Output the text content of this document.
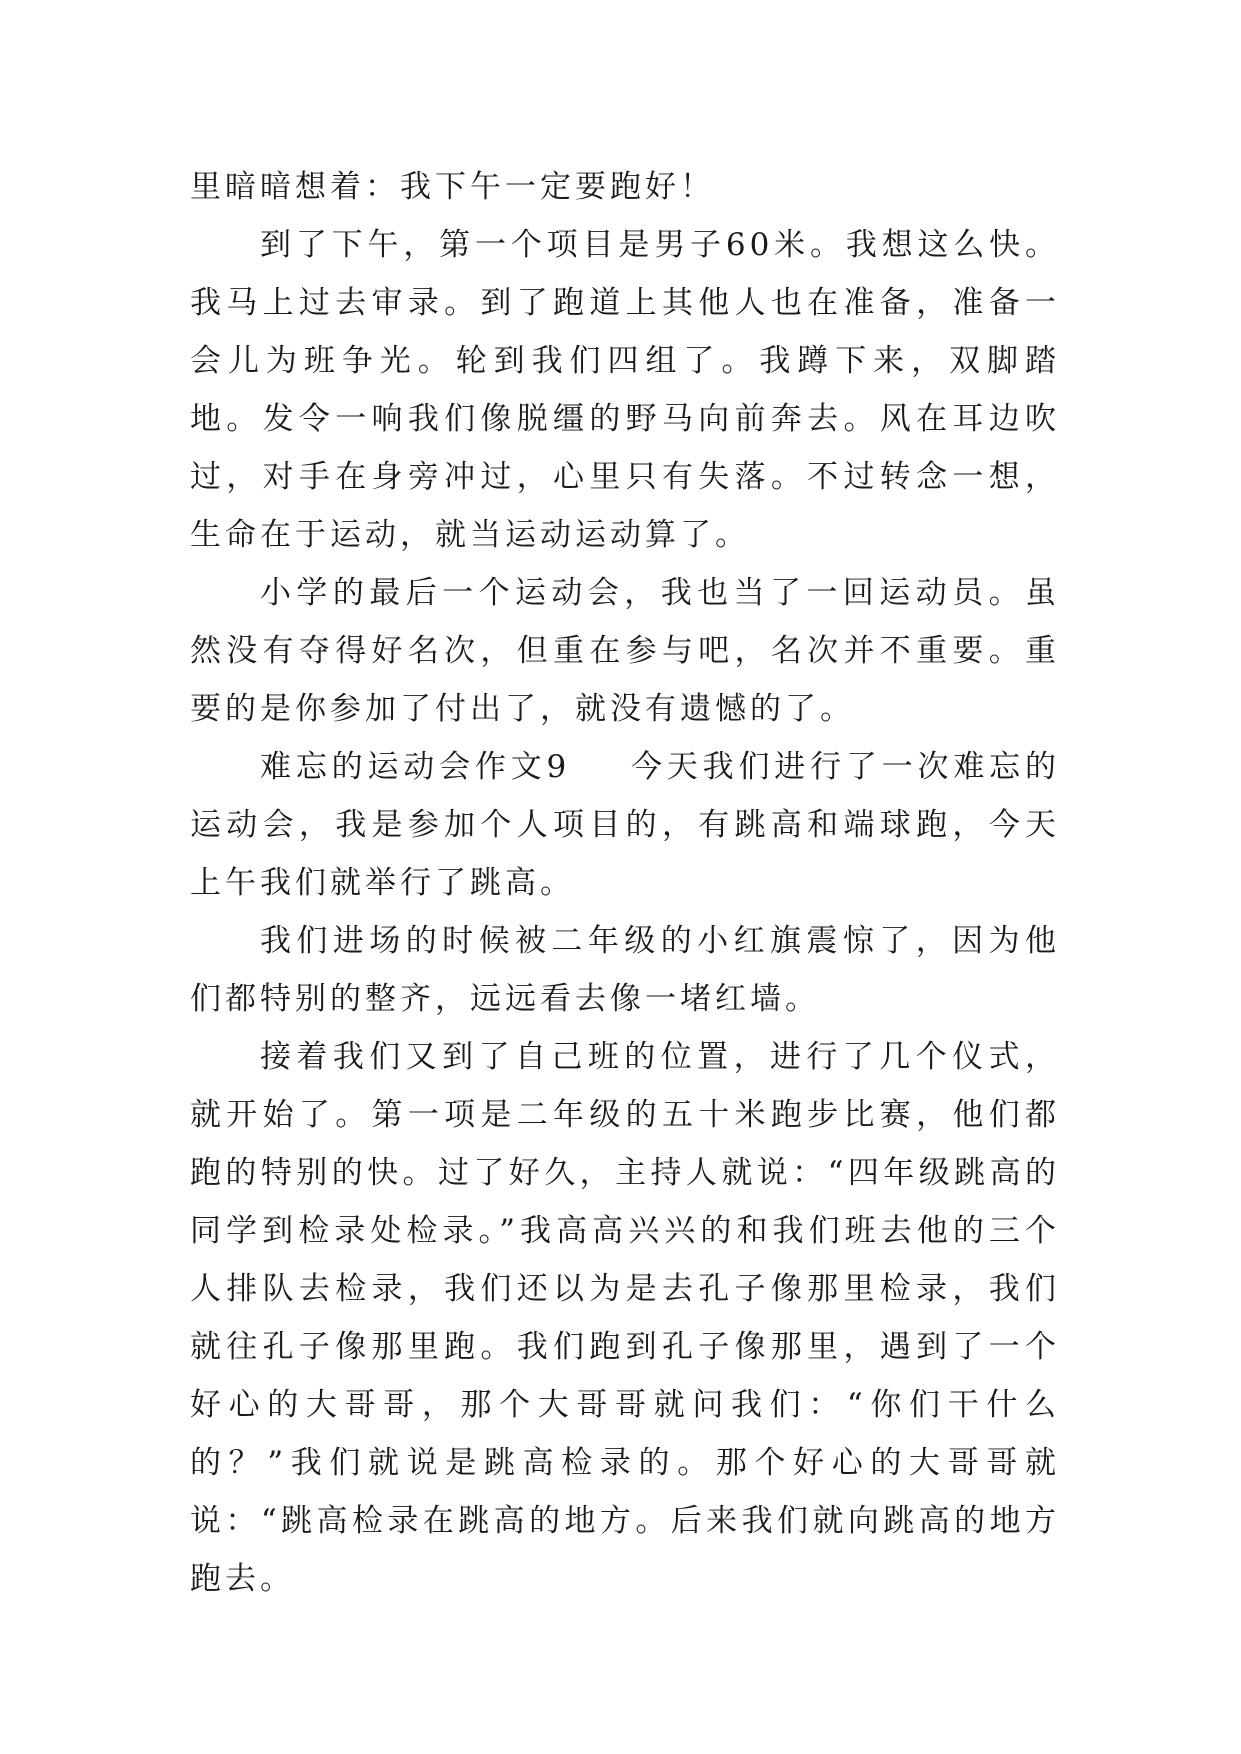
里暗暗想着：我下午一定要跑好！

到了下午，第一个项目是男子60米。我想这么快。我马上过去审录。到了跑道上其他人也在准备，准备一会儿为班争光。轮到我们四组了。我蹲下来，双脚踏地。发令一响我们像脱缰的野马向前奔去。风在耳边吹过，对手在身旁冲过，心里只有失落。不过转念一想，生命在于运动，就当运动运动算了。

小学的最后一个运动会，我也当了一回运动员。虽然没有夺得好名次，但重在参与吧，名次并不重要。重要的是你参加了付出了，就没有遗憾的了。

难忘的运动会作文9 今天我们进行了一次难忘的运动会，我是参加个人项目的，有跳高和端球跑，今天上午我们就举行了跳高。

我们进场的时候被二年级的小红旗震惊了，因为他们都特别的整齐，远远看去像一堵红墙。

接着我们又到了自己班的位置，进行了几个仪式，就开始了。第一项是二年级的五十米跑步比赛，他们都跑的特别的快。过了好久，主持人就说：“四年级跳高的同学到检录处检录。”我高高兴兴的和我们班去他的三个人排队去检录，我们还以为是去孔子像那里检录，我们就往孔子像那里跑。我们跑到孔子像那里，遇到了一个好心的大哥哥，那个大哥哥就问我们：“你们干什么的？”我们就说是跳高检录的。那个好心的大哥哥就说：“跳高检录在跳高的地方。后来我们就向跳高的地方跑去。
